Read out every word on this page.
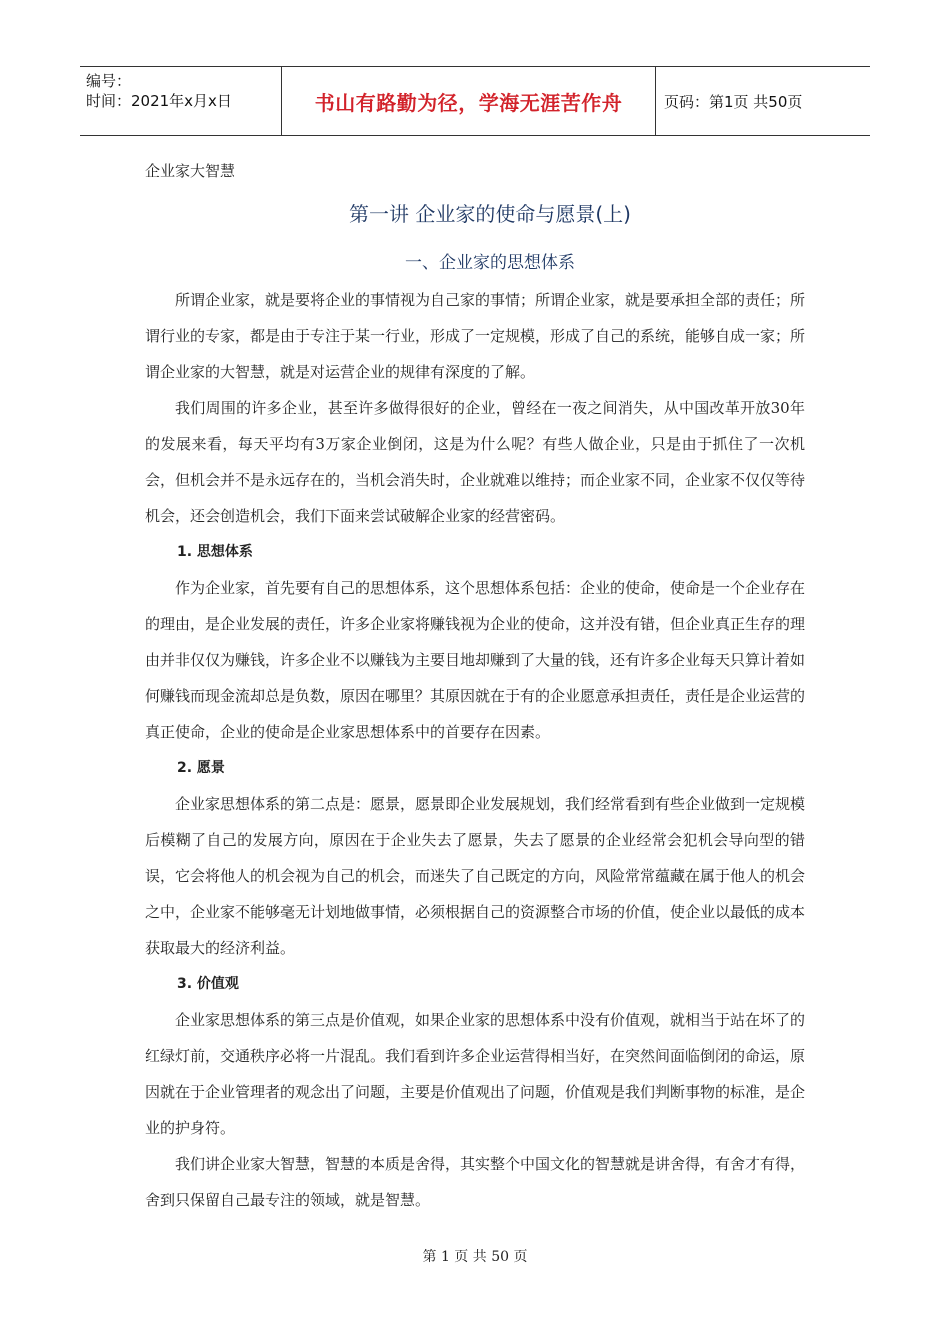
编号：
时间：2021年x月x日	书山有路勤为径，学海无涯苦作舟	页码：第1页 共50页
企业家大智慧
第一讲 企业家的使命与愿景(上)
一、企业家的思想体系

所谓企业家，就是要将企业的事情视为自己家的事情；所谓企业家，就是要承担全部的责任；所谓行业的专家，都是由于专注于某一行业，形成了一定规模，形成了自己的系统，能够自成一家；所谓企业家的大智慧，就是对运营企业的规律有深度的了解。

我们周围的许多企业，甚至许多做得很好的企业，曾经在一夜之间消失，从中国改革开放30年的发展来看，每天平均有3万家企业倒闭，这是为什么呢？有些人做企业，只是由于抓住了一次机会，但机会并不是永远存在的，当机会消失时，企业就难以维持；而企业家不同，企业家不仅仅等待机会，还会创造机会，我们下面来尝试破解企业家的经营密码。

1. 思想体系

作为企业家，首先要有自己的思想体系，这个思想体系包括：企业的使命，使命是一个企业存在的理由，是企业发展的责任，许多企业家将赚钱视为企业的使命，这并没有错，但企业真正生存的理由并非仅仅为赚钱，许多企业不以赚钱为主要目地却赚到了大量的钱，还有许多企业每天只算计着如何赚钱而现金流却总是负数，原因在哪里？其原因就在于有的企业愿意承担责任，责任是企业运营的真正使命，企业的使命是企业家思想体系中的首要存在因素。

2. 愿景

企业家思想体系的第二点是：愿景，愿景即企业发展规划，我们经常看到有些企业做到一定规模后模糊了自己的发展方向，原因在于企业失去了愿景，失去了愿景的企业经常会犯机会导向型的错误，它会将他人的机会视为自己的机会，而迷失了自己既定的方向，风险常常蕴藏在属于他人的机会之中，企业家不能够毫无计划地做事情，必须根据自己的资源整合市场的价值，使企业以最低的成本获取最大的经济利益。

3. 价值观

企业家思想体系的第三点是价值观，如果企业家的思想体系中没有价值观，就相当于站在坏了的红绿灯前，交通秩序必将一片混乱。我们看到许多企业运营得相当好，在突然间面临倒闭的命运，原因就在于企业管理者的观念出了问题，主要是价值观出了问题，价值观是我们判断事物的标准，是企业的护身符。

我们讲企业家大智慧，智慧的本质是舍得，其实整个中国文化的智慧就是讲舍得，有舍才有得，舍到只保留自己最专注的领域，就是智慧。

第 1 页 共 50 页
